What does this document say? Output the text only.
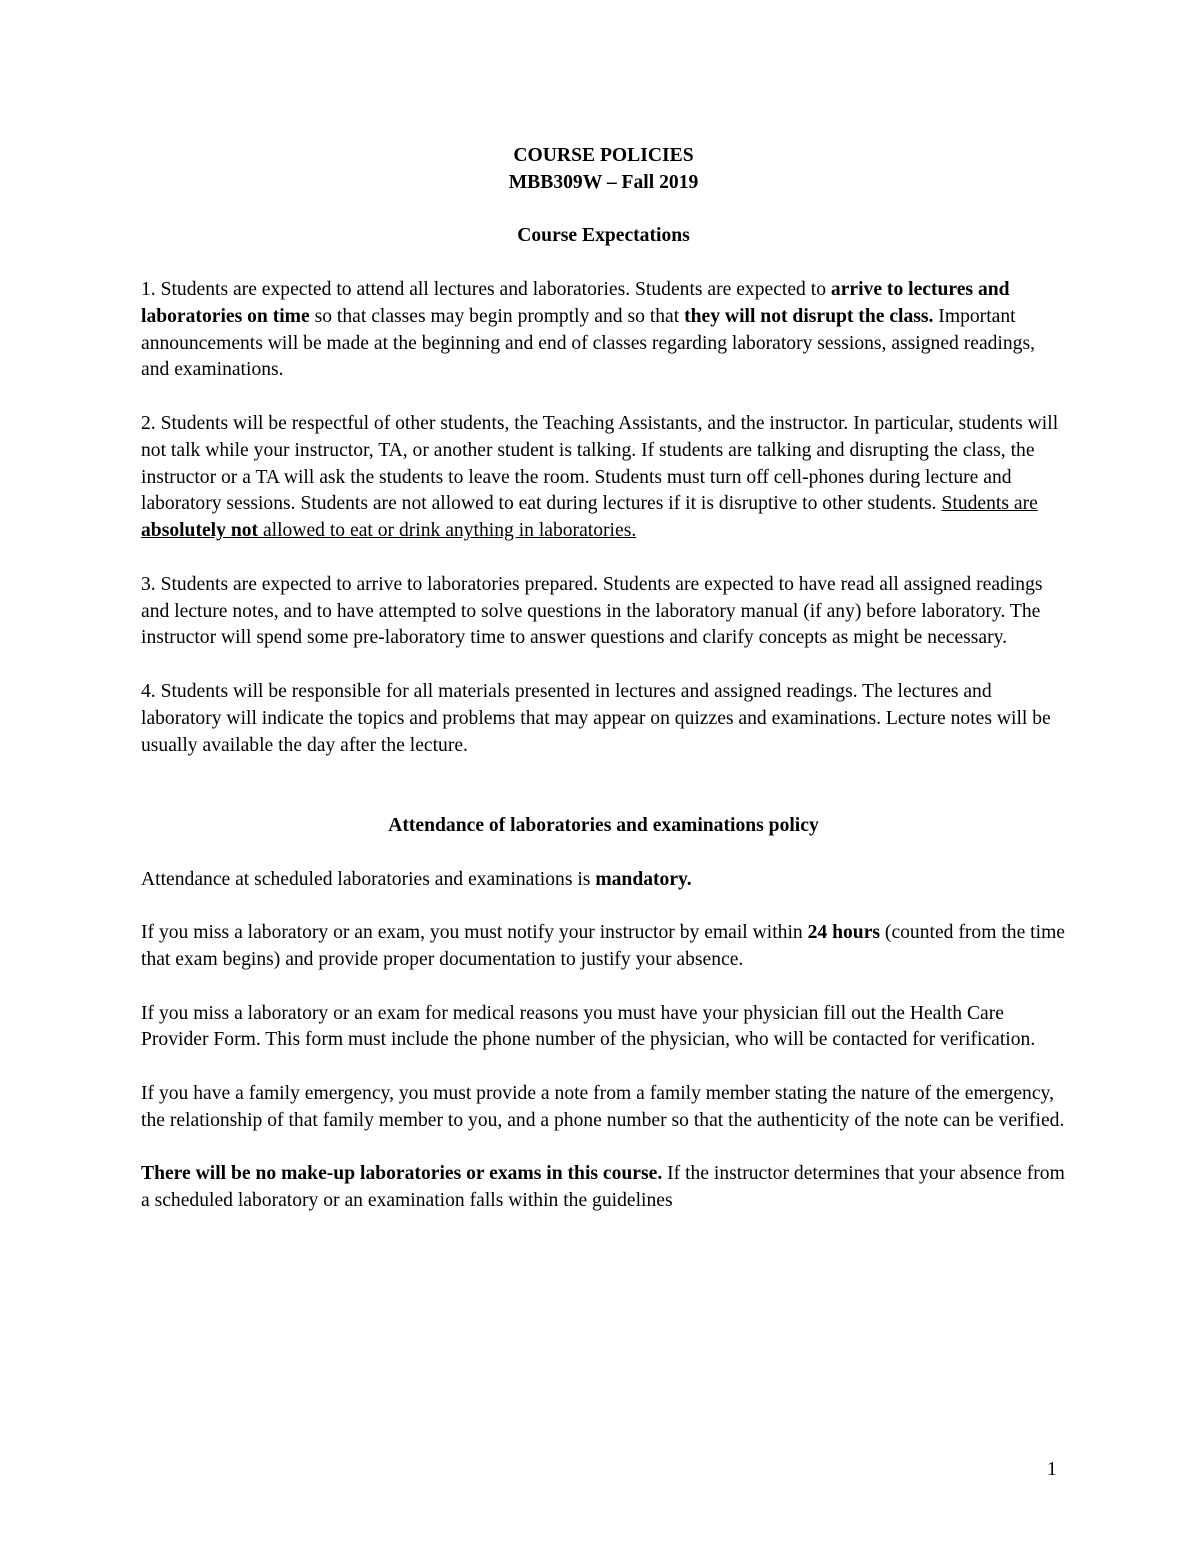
COURSE POLICIES
MBB309W – Fall 2019
Course Expectations

1. Students are expected to attend all lectures and laboratories. Students are expected to arrive to lectures and laboratories on time so that classes may begin promptly and so that they will not disrupt the class. Important announcements will be made at the beginning and end of classes regarding laboratory sessions, assigned readings, and examinations.

2. Students will be respectful of other students, the Teaching Assistants, and the instructor. In particular, students will not talk while your instructor, TA, or another student is talking. If students are talking and disrupting the class, the instructor or a TA will ask the students to leave the room. Students must turn off cell-phones during lecture and laboratory sessions. Students are not allowed to eat during lectures if it is disruptive to other students. Students are absolutely not allowed to eat or drink anything in laboratories.

3. Students are expected to arrive to laboratories prepared. Students are expected to have read all assigned readings and lecture notes, and to have attempted to solve questions in the laboratory manual (if any) before laboratory. The instructor will spend some pre-laboratory time to answer questions and clarify concepts as might be necessary.

4. Students will be responsible for all materials presented in lectures and assigned readings. The lectures and laboratory will indicate the topics and problems that may appear on quizzes and examinations. Lecture notes will be usually available the day after the lecture.

Attendance of laboratories and examinations policy

Attendance at scheduled laboratories and examinations is mandatory.

If you miss a laboratory or an exam, you must notify your instructor by email within 24 hours (counted from the time that exam begins) and provide proper documentation to justify your absence.

If you miss a laboratory or an exam for medical reasons you must have your physician fill out the Health Care Provider Form. This form must include the phone number of the physician, who will be contacted for verification.

If you have a family emergency, you must provide a note from a family member stating the nature of the emergency, the relationship of that family member to you, and a phone number so that the authenticity of the note can be verified.

There will be no make-up laboratories or exams in this course. If the instructor determines that your absence from a scheduled laboratory or an examination falls within the guidelines

1
